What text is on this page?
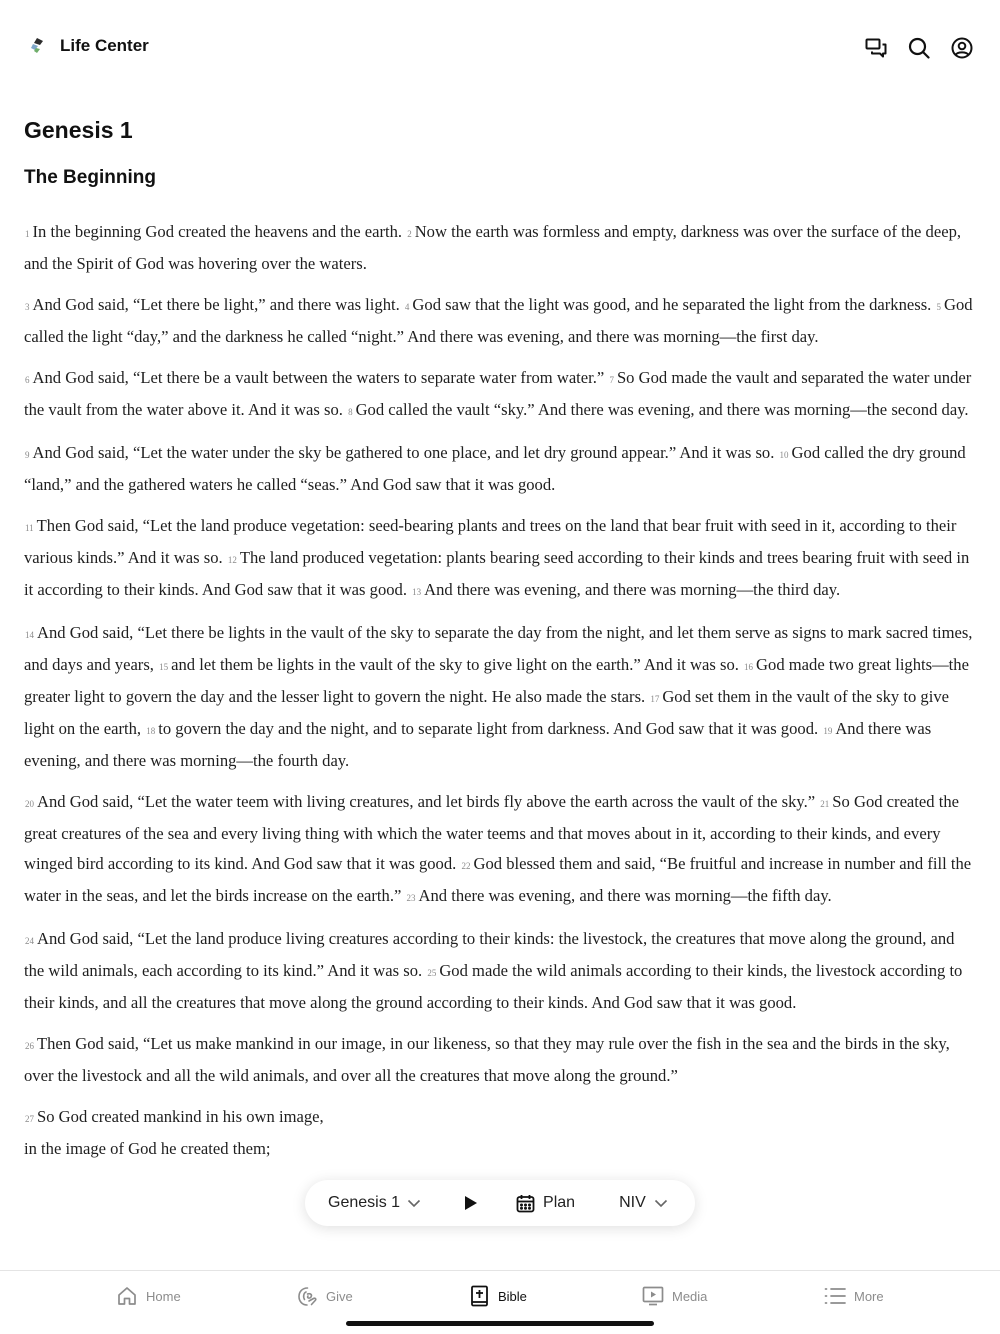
Life Center
Genesis 1
The Beginning

1 In the beginning God created the heavens and the earth. 2 Now the earth was formless and empty, darkness was over the surface of the deep, and the Spirit of God was hovering over the waters.

3 And God said, “Let there be light,” and there was light. 4 God saw that the light was good, and he separated the light from the darkness. 5 God called the light “day,” and the darkness he called “night.” And there was evening, and there was morning—the first day.

6 And God said, “Let there be a vault between the waters to separate water from water.” 7 So God made the vault and separated the water under the vault from the water above it. And it was so. 8 God called the vault “sky.” And there was evening, and there was morning—the second day.

9 And God said, “Let the water under the sky be gathered to one place, and let dry ground appear.” And it was so. 10 God called the dry ground “land,” and the gathered waters he called “seas.” And God saw that it was good.

11 Then God said, “Let the land produce vegetation: seed-bearing plants and trees on the land that bear fruit with seed in it, according to their various kinds.” And it was so. 12 The land produced vegetation: plants bearing seed according to their kinds and trees bearing fruit with seed in it according to their kinds. And God saw that it was good. 13 And there was evening, and there was morning—the third day.

14 And God said, “Let there be lights in the vault of the sky to separate the day from the night, and let them serve as signs to mark sacred times, and days and years, 15 and let them be lights in the vault of the sky to give light on the earth.” And it was so. 16 God made two great lights—the greater light to govern the day and the lesser light to govern the night. He also made the stars. 17 God set them in the vault of the sky to give light on the earth, 18 to govern the day and the night, and to separate light from darkness. And God saw that it was good. 19 And there was evening, and there was morning—the fourth day.

20 And God said, “Let the water teem with living creatures, and let birds fly above the earth across the vault of the sky.” 21 So God created the great creatures of the sea and every living thing with which the water teems and that moves about in it, according to their kinds, and every winged bird according to its kind. And God saw that it was good. 22 God blessed them and said, “Be fruitful and increase in number and fill the water in the seas, and let the birds increase on the earth.” 23 And there was evening, and there was morning—the fifth day.

24 And God said, “Let the land produce living creatures according to their kinds: the livestock, the creatures that move along the ground, and the wild animals, each according to its kind.” And it was so. 25 God made the wild animals according to their kinds, the livestock according to their kinds, and all the creatures that move along the ground according to their kinds. And God saw that it was good.

26 Then God said, “Let us make mankind in our image, in our likeness, so that they may rule over the fish in the sea and the birds in the sky, over the livestock and all the wild animals, and over all the creatures that move along the ground.”

27 So God created mankind in his own image,
in the image of God he created them;
Genesis 1	Plan	NIV
Home	Give	Bible	Media	More
